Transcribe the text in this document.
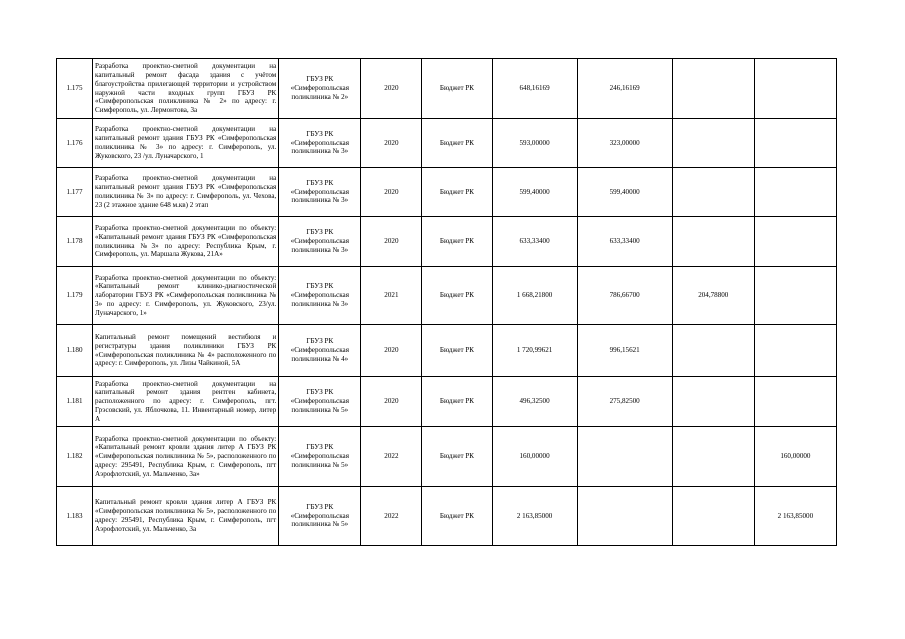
1.175	Разработка проектно-сметной документации на капитальный ремонт фасада здания с учётом благоустройства прилегающей территории и устройством наружной части входных групп ГБУЗ РК «Симферопольская поликлиника № 2» по адресу: г. Симферополь, ул. Лермонтова, 3а	ГБУЗ РК «Симферопольская поликлиника № 2»	2020	Бюджет РК	648,16169	246,16169		
1.176	Разработка проектно-сметной документации на капитальный ремонт здания ГБУЗ РК «Симферопольская поликлиника № 3» по адресу: г. Симферополь, ул. Жуковского, 23 /ул. Луначарского, 1	ГБУЗ РК «Симферопольская поликлиника № 3»	2020	Бюджет РК	593,00000	323,00000		
1.177	Разработка проектно-сметной документации на капитальный ремонт здания ГБУЗ РК «Симферопольская поликлиника № 3» по адресу: г. Симферополь, ул. Чехова, 23 (2 этажное здание 648 м.кв) 2 этап	ГБУЗ РК «Симферопольская поликлиника № 3»	2020	Бюджет РК	599,40000	599,40000		
1.178	Разработка проектно-сметной документации по объекту: «Капитальный ремонт здания ГБУЗ РК «Симферопольская поликлиника №3» по адресу: Республика Крым, г. Симферополь, ул. Маршала Жукова, 21А»	ГБУЗ РК «Симферопольская поликлиника № 3»	2020	Бюджет РК	633,33400	633,33400		
1.179	Разработка проектно-сметной документации по объекту: «Капитальный ремонт клинико-диагностической лаборатории ГБУЗ РК «Симферопольская поликлиника № 3» по адресу: г. Симферополь, ул. Жуковского, 23/ул. Луначарского, 1»	ГБУЗ РК «Симферопольская поликлиника № 3»	2021	Бюджет РК	1 668,21800	786,66700	204,78800	
1.180	Капитальный ремонт помещений вестибюля и регистратуры здания поликлиники ГБУЗ РК «Симферопольская поликлиника № 4» расположенного по адресу: г. Симферополь, ул. Лизы Чайкиной, 5А	ГБУЗ РК «Симферопольская поликлиника № 4»	2020	Бюджет РК	1 720,99621	996,15621		
1.181	Разработка проектно-сметной документации на капитальный ремонт здания рентген кабинета, расположенного по адресу: г. Симферополь, пгт. Грэсовский, ул. Яблочкова, 11. Инвентарный номер, литер А	ГБУЗ РК «Симферопольская поликлиника № 5»	2020	Бюджет РК	496,32500	275,82500		
1.182	Разработка проектно-сметной документации по объекту: «Капитальный ремонт кровли здания литер А ГБУЗ РК «Симферопольская поликлиника № 5», расположенного по адресу: 295491, Республика Крым, г. Симферополь, пгт Аэрофлотский, ул. Мальченко, 3а»	ГБУЗ РК «Симферопольская поликлиника № 5»	2022	Бюджет РК	160,00000			160,00000
1.183	Капитальный ремонт кровли здания литер А ГБУЗ РК «Симферопольская поликлиника № 5», расположенного по адресу: 295491, Республика Крым, г. Симферополь, пгт Аэрофлотский, ул. Мальченко, 3а	ГБУЗ РК «Симферопольская поликлиника № 5»	2022	Бюджет РК	2 163,85000			2 163,85000
